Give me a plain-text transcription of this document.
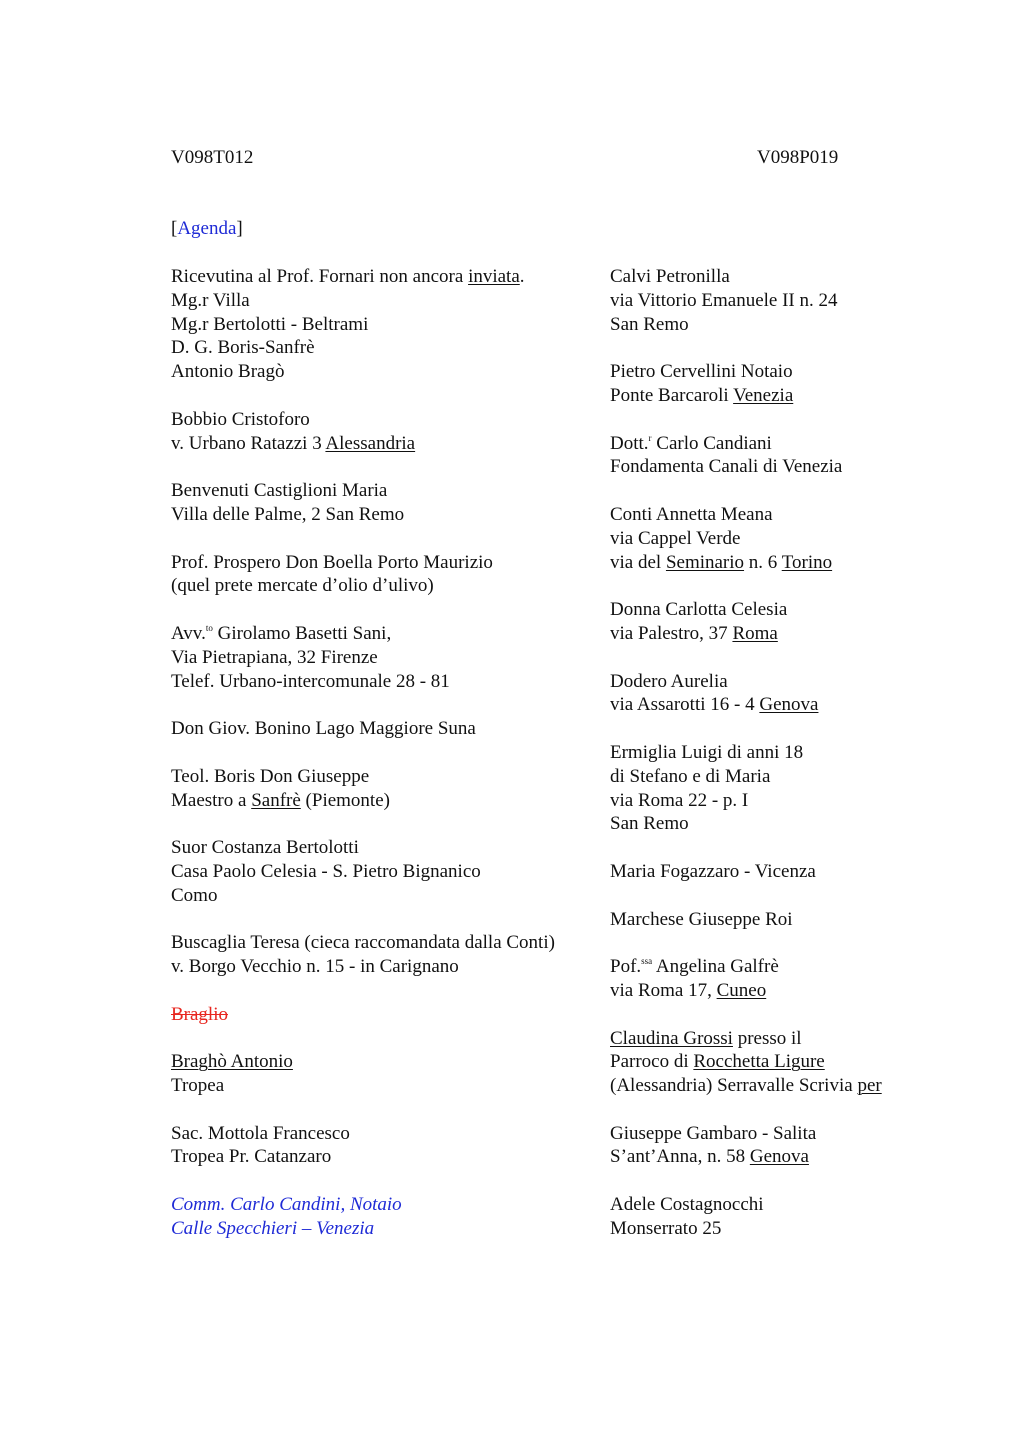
V098T012	V098P019
[Agenda]

Ricevutina al Prof. Fornari non ancora inviata.

Mg.r Villa

Mg.r Bertolotti - Beltrami

D. G. Boris-Sanfrè

Antonio Bragò

Bobbio Cristoforo

v. Urbano Ratazzi 3 Alessandria

Benvenuti Castiglioni Maria

Villa delle Palme, 2 San Remo

Prof. Prospero Don Boella Porto Maurizio

(quel prete mercate d’olio d’ulivo)

Avv.$^{to}$ Girolamo Basetti Sani,

Via Pietrapiana, 32 Firenze

Telef. Urbano-intercomunale 28 - 81

Don Giov. Bonino Lago Maggiore Suna

Teol. Boris Don Giuseppe

Maestro a Sanfrè (Piemonte)

Suor Costanza Bertolotti

Casa Paolo Celesia - S. Pietro Bignanico

Como

Buscaglia Teresa (cieca raccomandata dalla Conti)

v. Borgo Vecchio n. 15 - in Carignano

Braglio

Braghò Antonio

Tropea

Sac. Mottola Francesco

Tropea Pr. Catanzaro

Comm. Carlo Candini, Notaio

Calle Specchieri – Venezia

Calvi Petronilla

via Vittorio Emanuele II n. 24

San Remo

Pietro Cervellini Notaio

Ponte Barcaroli Venezia

Dott.$^r$ Carlo Candiani

Fondamenta Canali di Venezia

Conti Annetta Meana

via Cappel Verde

via del Seminario n. 6 Torino

Donna Carlotta Celesia

via Palestro, 37 Roma

Dodero Aurelia

via Assarotti 16 - 4 Genova

Ermiglia Luigi di anni 18

di Stefano e di Maria

via Roma 22 - p. I

San Remo

Maria Fogazzaro - Vicenza

Marchese Giuseppe Roi

Pof.$^{ssa}$ Angelina Galfrè

via Roma 17, Cuneo

Claudina Grossi presso il

Parroco di Rocchetta Ligure

(Alessandria) Serravalle Scrivia per

Giuseppe Gambaro - Salita

S’ant’Anna, n. 58 Genova

Adele Costagnocchi

Monserrato 25
